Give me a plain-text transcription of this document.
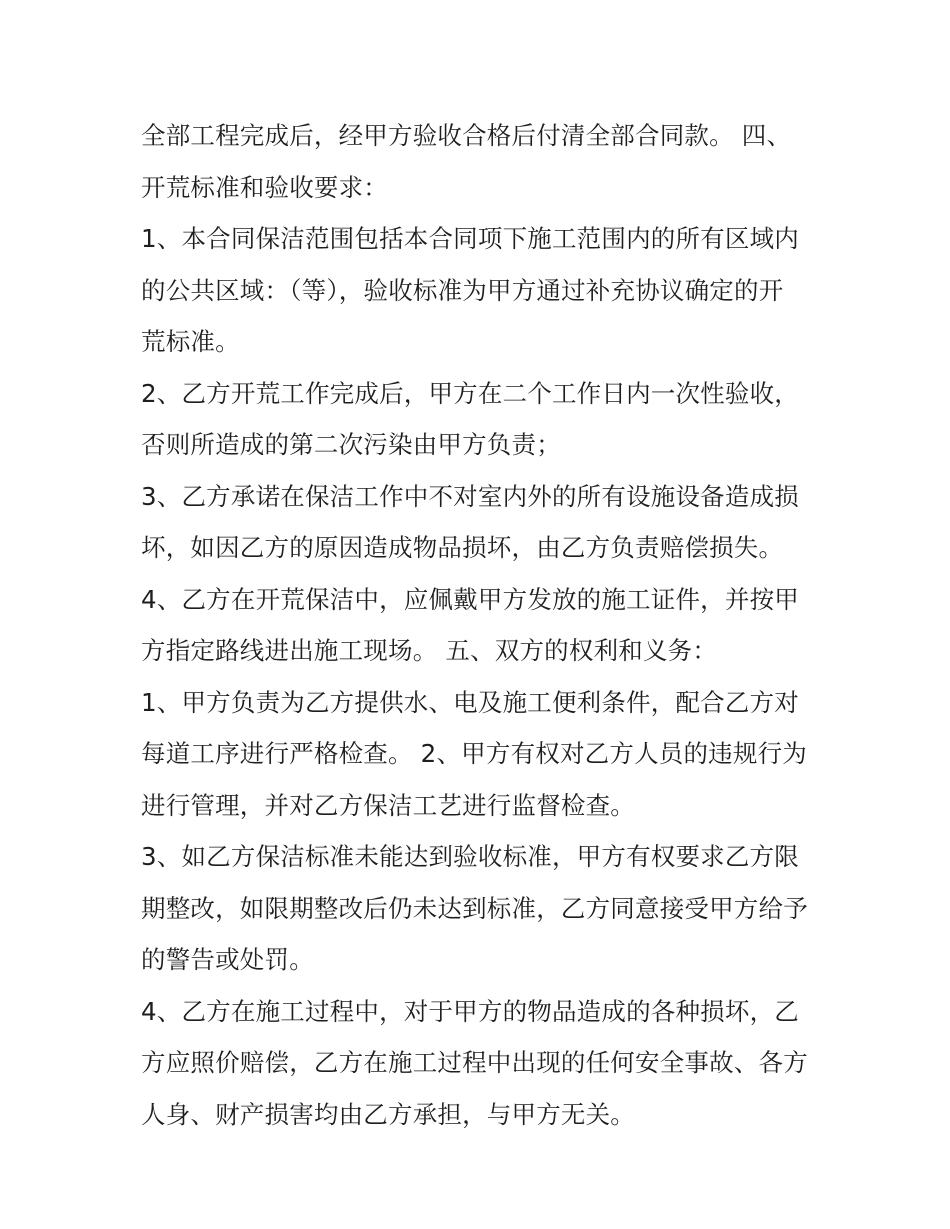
全部工程完成后，经甲方验收合格后付清全部合同款。 四、
开荒标准和验收要求：
1、本合同保洁范围包括本合同项下施工范围内的所有区域内
的公共区域：（等），验收标准为甲方通过补充协议确定的开
荒标准。
2、乙方开荒工作完成后，甲方在二个工作日内一次性验收，
否则所造成的第二次污染由甲方负责；
3、乙方承诺在保洁工作中不对室内外的所有设施设备造成损
坏，如因乙方的原因造成物品损坏，由乙方负责赔偿损失。
4、乙方在开荒保洁中，应佩戴甲方发放的施工证件，并按甲
方指定路线进出施工现场。 五、双方的权利和义务：
1、甲方负责为乙方提供水、电及施工便利条件，配合乙方对
每道工序进行严格检查。 2、甲方有权对乙方人员的违规行为
进行管理，并对乙方保洁工艺进行监督检查。
3、如乙方保洁标准未能达到验收标准，甲方有权要求乙方限
期整改，如限期整改后仍未达到标准，乙方同意接受甲方给予
的警告或处罚。
4、乙方在施工过程中，对于甲方的物品造成的各种损坏，乙
方应照价赔偿，乙方在施工过程中出现的任何安全事故、各方
人身、财产损害均由乙方承担，与甲方无关。
